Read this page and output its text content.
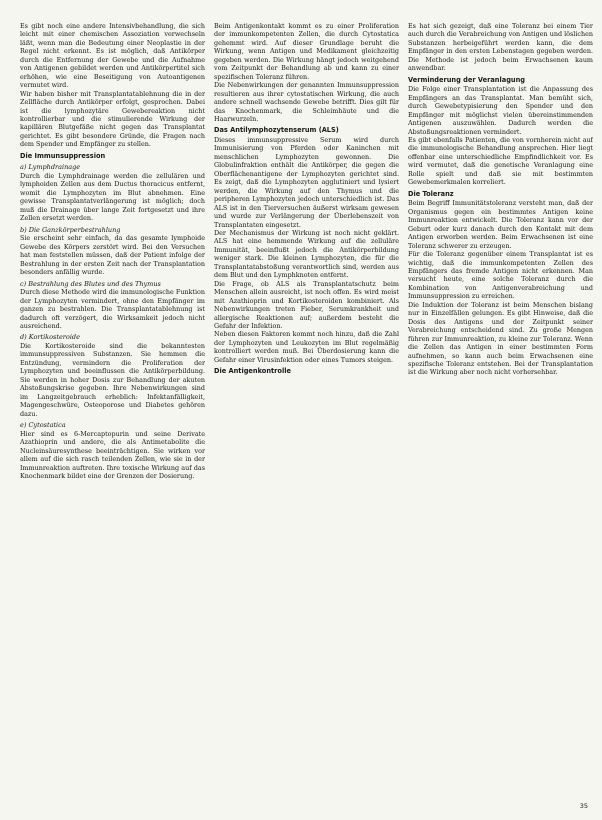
Es gibt noch eine andere Intensivbehandlung, die sich leicht mit einer chemischen Assoziation verwechseln läßt, wenn man die Bedeutung einer Neoplastie in der Regel nicht erkennt. Es ist möglich, daß Antikörper durch die Entfernung der Gewebe und die Aufnahme von Antigenen gebildet werden und Antikörpertitel sich erhöhen, wie eine Beseitigung von Autoantigenen vermutet wird.

Wir haben bisher mit Transplantatablehnung die in der Zellfläche durch Antikörper erfolgt, gesprochen. Dabei ist die lymphozytäre Gewebereaktion nicht kontrollierbar und die stimulierende Wirkung der kapillären Blutgefäße nicht gegen das Transplantat gerichtet. Es gibt besondere Gründe, die Fragen nach dem Spender und Empfänger zu stellen.

Die Immunsuppression
a) Lymphdrainage

Durch die Lymphdrainage werden die zellulären und lymphoiden Zellen aus dem Ductus thoracicus entfernt, womit die Lymphozyten im Blut abnehmen. Eine gewisse Transplantatverlängerung ist möglich; doch muß die Drainage über lange Zeit fortgesetzt und ihre Zellen ersetzt werden.

b) Die Ganzkörperbestrahlung

Sie erscheint sehr einfach, da das gesamte lymphoide Gewebe des Körpers zerstört wird. Bei den Versuchen hat man feststellen müssen, daß der Patient infolge der Bestrahlung in der ersten Zeit nach der Transplantation besonders anfällig wurde.

c) Bestrahlung des Blutes und des Thymus

Durch diese Methode wird die immunologische Funktion der Lymphozyten vermindert, ohne den Empfänger im ganzen zu bestrahlen. Die Transplantatablehnung ist dadurch oft verzögert, die Wirksamkeit jedoch nicht ausreichend.

d) Kortikosteroide

Die Kortikosteroide sind die bekanntesten immunsuppressiven Substanzen. Sie hemmen die Entzündung, vermindern die Proliferation der Lymphozyten und beeinflussen die Antikörperbildung. Sie werden in hoher Dosis zur Behandlung der akuten Abstoßungskrise gegeben. Ihre Nebenwirkungen sind im Langzeitgebrauch erheblich: Infektanfälligkeit, Magengeschwüre, Osteoporose und Diabetes gehören dazu.

e) Cytostatica

Hier sind es 6-Mercaptopurin und seine Derivate Azathioprin und andere, die als Antimetabolite die Nucleinsäuresynthese beeinträchtigen. Sie wirken vor allem auf die sich rasch teilenden Zellen, wie sie in der Immunreaktion auftreten. Ihre toxische Wirkung auf das Knochenmark bildet eine der Grenzen der Dosierung.

Beim Antigenkontakt kommt es zu einer Proliferation der immunkompetenten Zellen, die durch Cytostatica gehemmt wird. Auf dieser Grundlage beruht die Wirkung, wenn Antigen und Medikament gleichzeitig gegeben werden. Die Wirkung hängt jedoch weitgehend vom Zeitpunkt der Behandlung ab und kann zu einer spezifischen Toleranz führen.

Die Nebenwirkungen der genannten Immunsuppression resultieren aus ihrer cytostatischen Wirkung, die auch andere schnell wachsende Gewebe betrifft. Dies gilt für das Knochenmark, die Schleimhäute und die Haarwurzeln.

Das Antilymphozytenserum (ALS)

Dieses immunsuppressive Serum wird durch Immunisierung von Pferden oder Kaninchen mit menschlichen Lymphozyten gewonnen. Die Globulinfraktion enthält die Antikörper, die gegen die Oberflächenantigene der Lymphozyten gerichtet sind. Es zeigt, daß die Lymphozyten agglutiniert und lysiert werden, die Wirkung auf den Thymus und die peripheren Lymphozyten jedoch unterschiedlich ist. Das ALS ist in den Tierversuchen äußerst wirksam gewesen und wurde zur Verlängerung der Überlebenszeit von Transplantaten eingesetzt.

Der Mechanismus der Wirkung ist noch nicht geklärt. ALS hat eine hemmende Wirkung auf die zelluläre Immunität, beeinflußt jedoch die Antikörperbildung weniger stark. Die kleinen Lymphozyten, die für die Transplantatabstoßung verantwortlich sind, werden aus dem Blut und den Lymphknoten entfernt.

Die Frage, ob ALS als Transplantatschutz beim Menschen allein ausreicht, ist noch offen. Es wird meist mit Azathioprin und Kortikosteroiden kombiniert. Als Nebenwirkungen treten Fieber, Serumkrankheit und allergische Reaktionen auf; außerdem besteht die Gefahr der Infektion.

Neben diesen Faktoren kommt noch hinzu, daß die Zahl der Lymphozyten und Leukozyten im Blut regelmäßig kontrolliert werden muß. Bei Überdosierung kann die Gefahr einer Virusinfektion oder eines Tumors steigen.

Die Antigenkontrolle

Es hat sich gezeigt, daß eine Toleranz bei einem Tier auch durch die Verabreichung von Antigen und löslichen Substanzen herbeigeführt werden kann, die dem Empfänger in den ersten Lebenstagen gegeben werden. Die Methode ist jedoch beim Erwachsenen kaum anwendbar.

Verminderung der Veranlagung

Die Folge einer Transplantation ist die Anpassung des Empfängers an das Transplantat. Man bemüht sich, durch Gewebetypisierung den Spender und den Empfänger mit möglichst vielen übereinstimmenden Antigenen auszuwählen. Dadurch werden die Abstoßungsreaktionen vermindert.

Es gibt ebenfalls Patienten, die von vornherein nicht auf die immunologische Behandlung ansprechen. Hier liegt offenbar eine unterschiedliche Empfindlichkeit vor. Es wird vermutet, daß die genetische Veranlagung eine Rolle spielt und daß sie mit bestimmten Gewebemerkmalen korreliert.

Die Toleranz

Beim Begriff Immunitätstoleranz versteht man, daß der Organismus gegen ein bestimmtes Antigen keine Immunreaktion entwickelt. Die Toleranz kann vor der Geburt oder kurz danach durch den Kontakt mit dem Antigen erworben werden. Beim Erwachsenen ist eine Toleranz schwerer zu erzeugen.

Für die Toleranz gegenüber einem Transplantat ist es wichtig, daß die immunkompetenten Zellen des Empfängers das fremde Antigen nicht erkennen. Man versucht heute, eine solche Toleranz durch die Kombination von Antigenverabreichung und Immunsuppression zu erreichen.

Die Induktion der Toleranz ist beim Menschen bislang nur in Einzelfällen gelungen. Es gibt Hinweise, daß die Dosis des Antigens und der Zeitpunkt seiner Verabreichung entscheidend sind. Zu große Mengen führen zur Immunreaktion, zu kleine zur Toleranz. Wenn die Zellen das Antigen in einer bestimmten Form aufnehmen, so kann auch beim Erwachsenen eine spezifische Toleranz entstehen. Bei der Transplantation ist die Wirkung aber noch nicht vorhersehbar.

35
